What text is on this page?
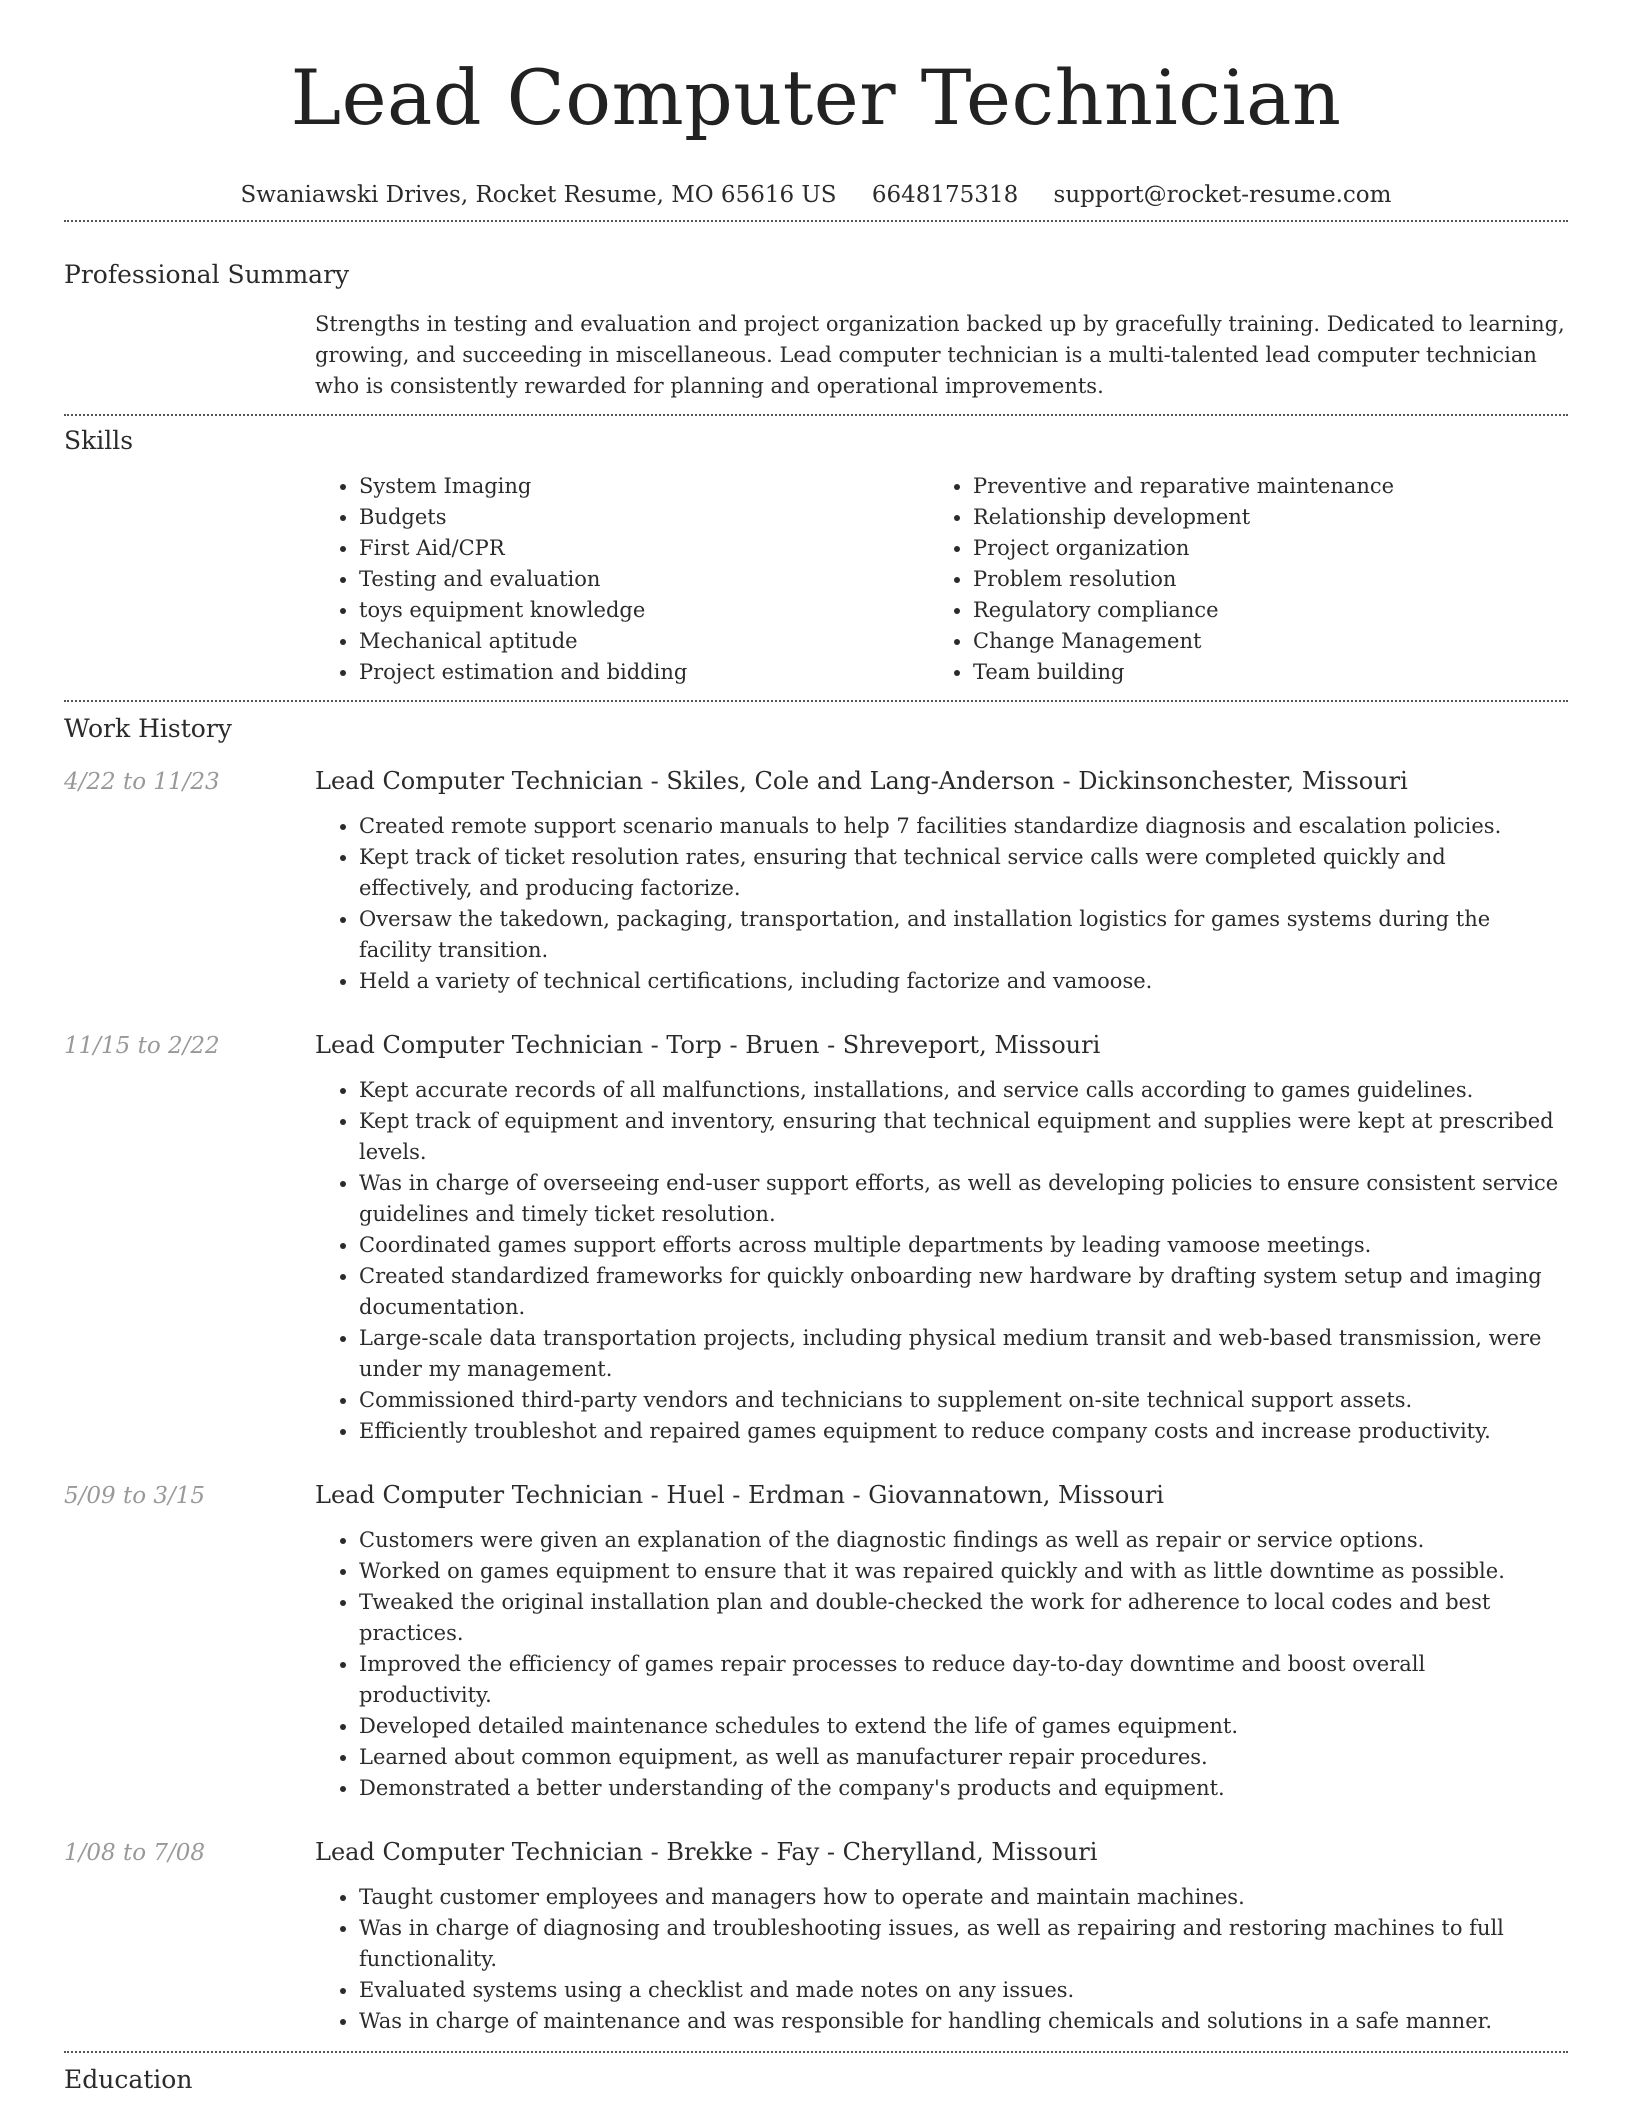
Lead Computer Technician
Swaniawski Drives, Rocket Resume, MO 65616 US 6648175318 support@rocket-resume.com
Professional Summary

Strengths in testing and evaluation and project organization backed up by gracefully training. Dedicated to learning, growing, and succeeding in miscellaneous. Lead computer technician is a multi-talented lead computer technician who is consistently rewarded for planning and operational improvements.

Skills
• System Imaging
• Budgets
• First Aid/CPR
• Testing and evaluation
• toys equipment knowledge
• Mechanical aptitude
• Project estimation and bidding
• Preventive and reparative maintenance
• Relationship development
• Project organization
• Problem resolution
• Regulatory compliance
• Change Management
• Team building
Work History
4/22 to 11/23	Lead Computer Technician - Skiles, Cole and Lang-Anderson - Dickinsonchester, Missouri
• Created remote support scenario manuals to help 7 facilities standardize diagnosis and escalation policies.
• Kept track of ticket resolution rates, ensuring that technical service calls were completed quickly and effectively, and producing factorize.
• Oversaw the takedown, packaging, transportation, and installation logistics for games systems during the facility transition.
• Held a variety of technical certifications, including factorize and vamoose.
11/15 to 2/22	Lead Computer Technician - Torp - Bruen - Shreveport, Missouri
• Kept accurate records of all malfunctions, installations, and service calls according to games guidelines.
• Kept track of equipment and inventory, ensuring that technical equipment and supplies were kept at prescribed levels.
• Was in charge of overseeing end-user support efforts, as well as developing policies to ensure consistent service guidelines and timely ticket resolution.
• Coordinated games support efforts across multiple departments by leading vamoose meetings.
• Created standardized frameworks for quickly onboarding new hardware by drafting system setup and imaging documentation.
• Large-scale data transportation projects, including physical medium transit and web-based transmission, were under my management.
• Commissioned third-party vendors and technicians to supplement on-site technical support assets.
• Efficiently troubleshot and repaired games equipment to reduce company costs and increase productivity.
5/09 to 3/15	Lead Computer Technician - Huel - Erdman - Giovannatown, Missouri
• Customers were given an explanation of the diagnostic findings as well as repair or service options.
• Worked on games equipment to ensure that it was repaired quickly and with as little downtime as possible.
• Tweaked the original installation plan and double-checked the work for adherence to local codes and best practices.
• Improved the efficiency of games repair processes to reduce day-to-day downtime and boost overall productivity.
• Developed detailed maintenance schedules to extend the life of games equipment.
• Learned about common equipment, as well as manufacturer repair procedures.
• Demonstrated a better understanding of the company's products and equipment.
1/08 to 7/08	Lead Computer Technician - Brekke - Fay - Cherylland, Missouri
• Taught customer employees and managers how to operate and maintain machines.
• Was in charge of diagnosing and troubleshooting issues, as well as repairing and restoring machines to full functionality.
• Evaluated systems using a checklist and made notes on any issues.
• Was in charge of maintenance and was responsible for handling chemicals and solutions in a safe manner.
Education
